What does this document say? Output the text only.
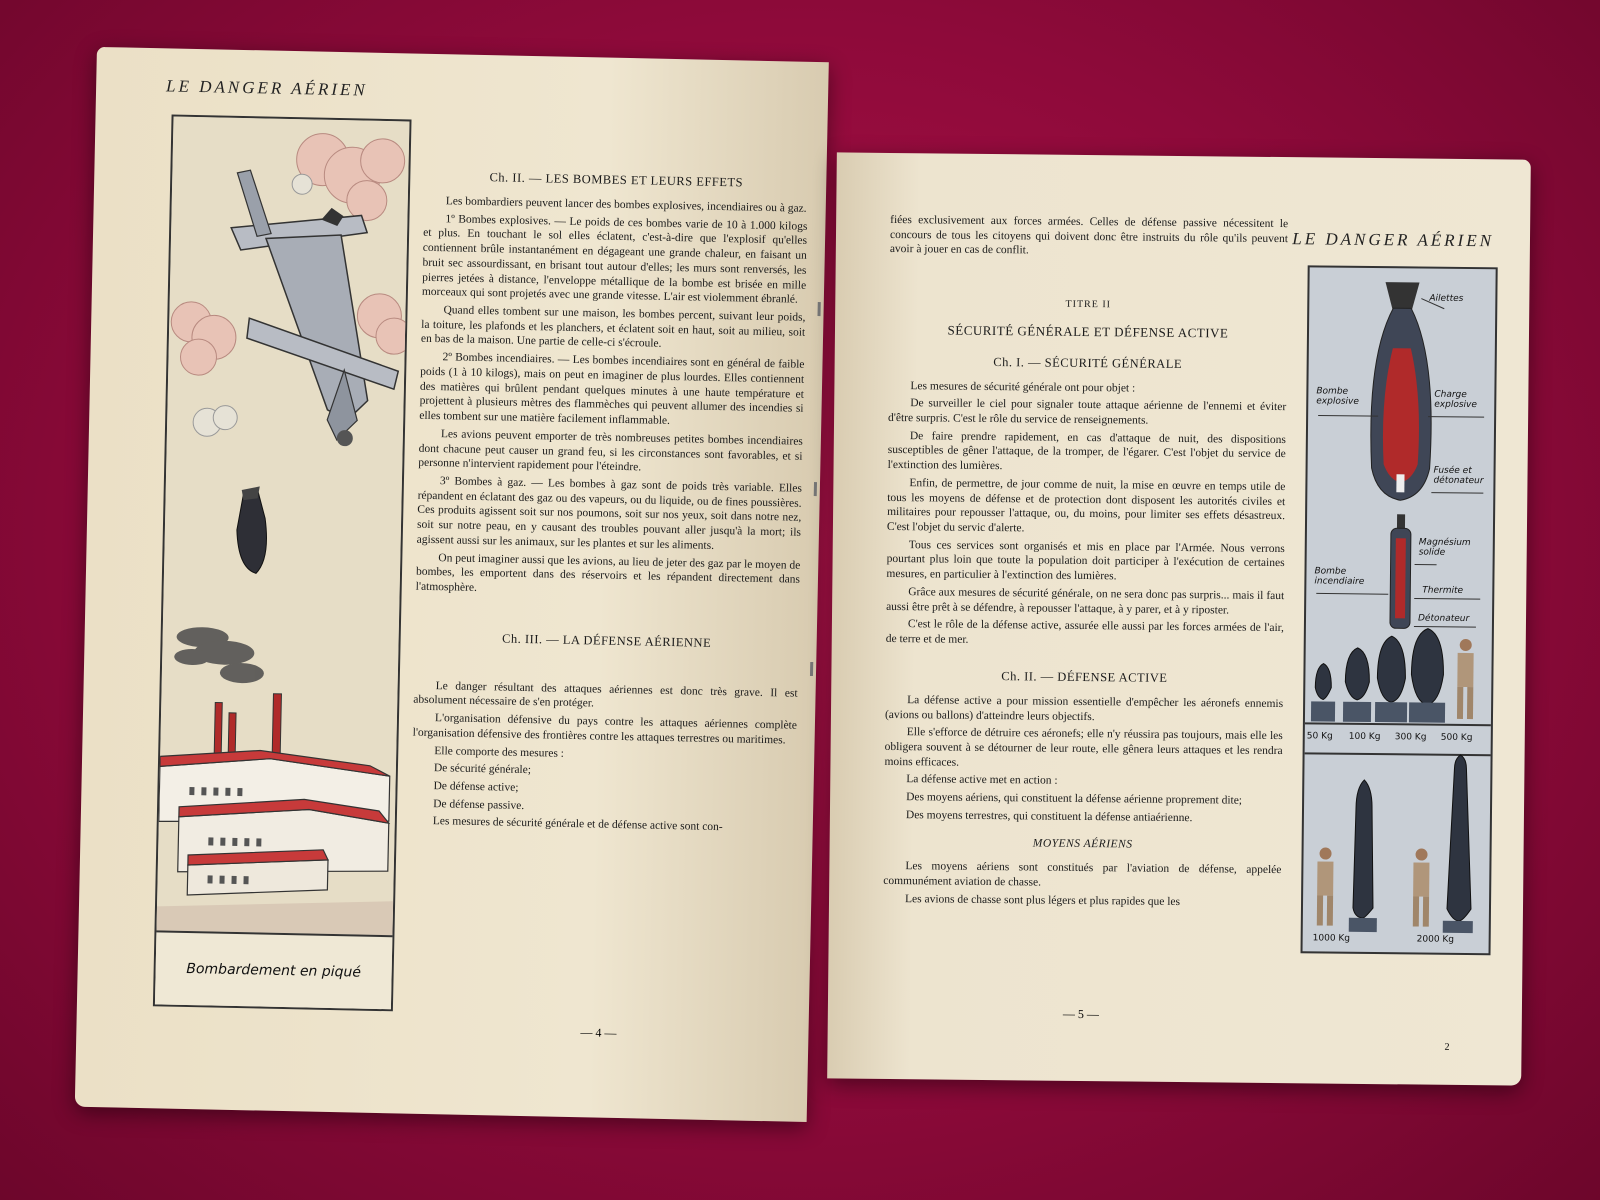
LE DANGER AÉRIEN
Bombardement en piqué
Ch. II. — LES BOMBES ET LEURS EFFETS

Les bombardiers peuvent lancer des bombes explosives, incendiaires ou à gaz.

1º Bombes explosives. — Le poids de ces bombes varie de 10 à 1.000 kilogs et plus. En touchant le sol elles éclatent, c'est-à-dire que l'explosif qu'elles contiennent brûle instantanément en dégageant une grande chaleur, en faisant un bruit sec assourdissant, en brisant tout autour d'elles; les murs sont renversés, les pierres jetées à distance, l'enveloppe métallique de la bombe est brisée en mille morceaux qui sont projetés avec une grande vitesse. L'air est violemment ébranlé.

Quand elles tombent sur une maison, les bombes percent, suivant leur poids, la toiture, les plafonds et les planchers, et éclatent soit en haut, soit au milieu, soit en bas de la maison. Une partie de celle-ci s'écroule.

2º Bombes incendiaires. — Les bombes incendiaires sont en général de faible poids (1 à 10 kilogs), mais on peut en imaginer de plus lourdes. Elles contiennent des matières qui brûlent pendant quelques minutes à une haute température et projettent à plusieurs mètres des flammèches qui peuvent allumer des incendies si elles tombent sur une matière facilement inflammable.

Les avions peuvent emporter de très nombreuses petites bombes incendiaires dont chacune peut causer un grand feu, si les circonstances sont favorables, et si personne n'intervient rapidement pour l'éteindre.

3º Bombes à gaz. — Les bombes à gaz sont de poids très variable. Elles répandent en éclatant des gaz ou des vapeurs, ou du liquide, ou de fines poussières. Ces produits agissent soit sur nos poumons, soit sur nos yeux, soit dans notre nez, soit sur notre peau, en y causant des troubles pouvant aller jusqu'à la mort; ils agissent aussi sur les animaux, sur les plantes et sur les aliments.

On peut imaginer aussi que les avions, au lieu de jeter des gaz par le moyen de bombes, les emportent dans des réservoirs et les répandent directement dans l'atmosphère.

Ch. III. — LA DÉFENSE AÉRIENNE

Le danger résultant des attaques aériennes est donc très grave. Il est absolument nécessaire de s'en protéger.

L'organisation défensive du pays contre les attaques aériennes complète l'organisation défensive des frontières contre les attaques terrestres ou maritimes.

Elle comporte des mesures :

De sécurité générale;

De défense active;

De défense passive.

Les mesures de sécurité générale et de défense active sont con-

— 4 —
LE DANGER AÉRIEN

fiées exclusivement aux forces armées. Celles de défense passive nécessitent le concours de tous les citoyens qui doivent donc être instruits du rôle qu'ils peuvent avoir à jouer en cas de conflit.

TITRE II
SÉCURITÉ GÉNÉRALE ET DÉFENSE ACTIVE
Ch. I. — SÉCURITÉ GÉNÉRALE

Les mesures de sécurité générale ont pour objet :

De surveiller le ciel pour signaler toute attaque aérienne de l'ennemi et éviter d'être surpris. C'est le rôle du service de renseignements.

De faire prendre rapidement, en cas d'attaque de nuit, des dispositions susceptibles de gêner l'attaque, de la tromper, de l'égarer. C'est l'objet du service de l'extinction des lumières.

Enfin, de permettre, de jour comme de nuit, la mise en œuvre en temps utile de tous les moyens de défense et de protection dont disposent les autorités civiles et militaires pour repousser l'attaque, ou, du moins, pour limiter ses effets désastreux. C'est l'objet du servic d'alerte.

Tous ces services sont organisés et mis en place par l'Armée. Nous verrons pourtant plus loin que toute la population doit participer à l'exécution de certaines mesures, en particulier à l'extinction des lumières.

Grâce aux mesures de sécurité générale, on ne sera donc pas surpris... mais il faut aussi être prêt à se défendre, à repousser l'attaque, à y parer, et à y riposter.

C'est le rôle de la défense active, assurée elle aussi par les forces armées de l'air, de terre et de mer.

Ch. II. — DÉFENSE ACTIVE

La défense active a pour mission essentielle d'empêcher les aéronefs ennemis (avions ou ballons) d'atteindre leurs objectifs.

Elle s'efforce de détruire ces aéronefs; elle n'y réussira pas toujours, mais elle les obligera souvent à se détourner de leur route, elle gênera leurs attaques et les rendra moins efficaces.

La défense active met en action :

Des moyens aériens, qui constituent la défense aérienne proprement dite;

Des moyens terrestres, qui constituent la défense antiaérienne.

MOYENS AÉRIENS

Les moyens aériens sont constitués par l'aviation de défense, appelée communément aviation de chasse.

Les avions de chasse sont plus légers et plus rapides que les

— 5 —
2
Ailettes
Bombe explosive
Charge explosive
Fusée et détonateur
Magnésium solide
Bombe incendiaire
Thermite
Détonateur
50 Kg 100 Kg 300 Kg 500 Kg
1000 Kg	2000 Kg
